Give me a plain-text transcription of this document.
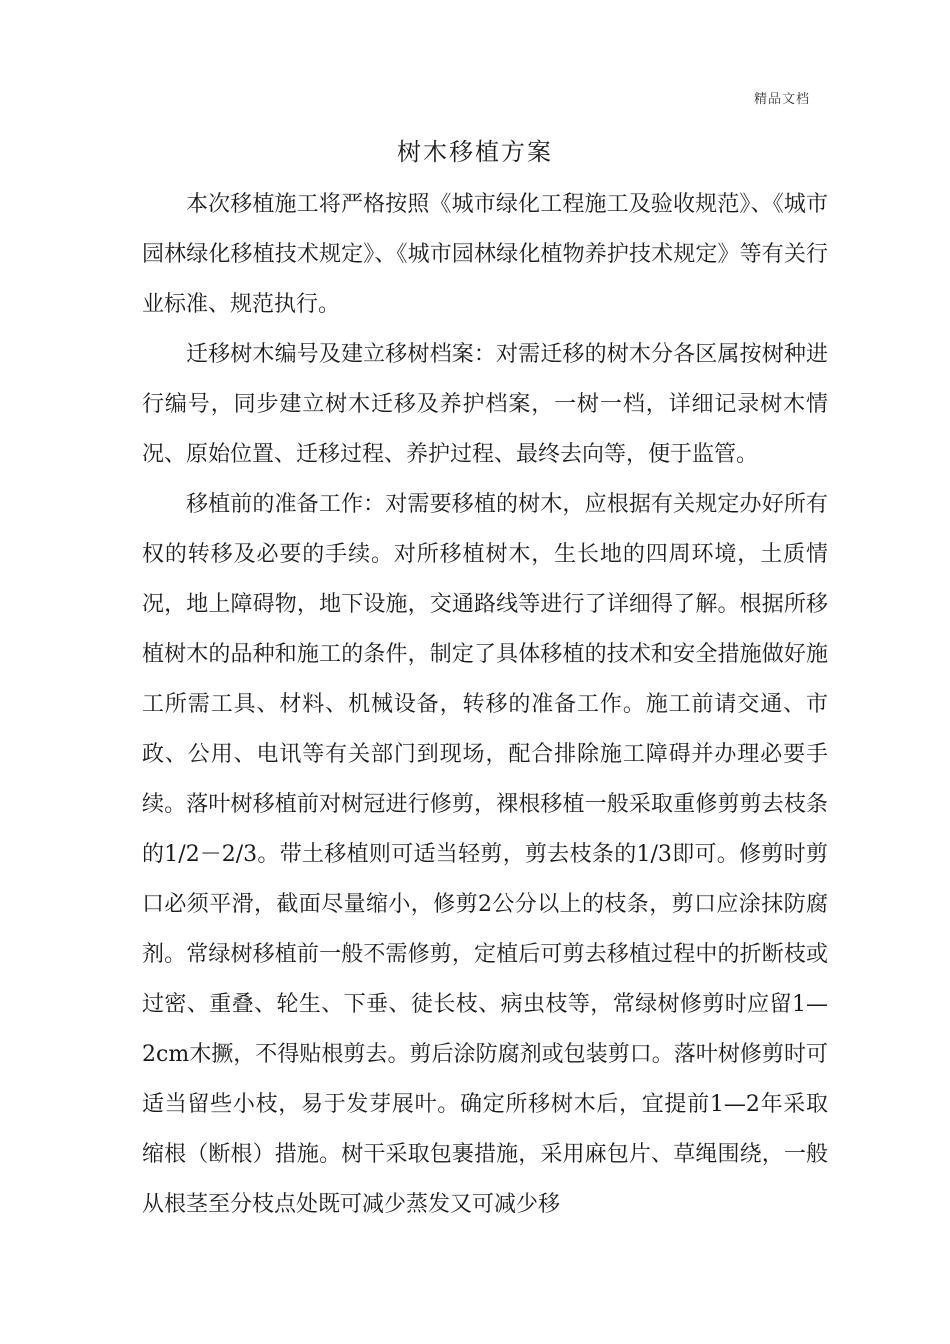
精品文档
树木移植方案

本次移植施工将严格按照《城市绿化工程施工及验收规范》、《城市园林绿化移植技术规定》、《城市园林绿化植物养护技术规定》等有关行业标准、规范执行。

迁移树木编号及建立移树档案：对需迁移的树木分各区属按树种进行编号，同步建立树木迁移及养护档案，一树一档，详细记录树木情况、原始位置、迁移过程、养护过程、最终去向等，便于监管。

移植前的准备工作：对需要移植的树木，应根据有关规定办好所有权的转移及必要的手续。对所移植树木，生长地的四周环境，土质情况，地上障碍物，地下设施，交通路线等进行了详细得了解。根据所移植树木的品种和施工的条件，制定了具体移植的技术和安全措施做好施工所需工具、材料、机械设备，转移的准备工作。施工前请交通、市政、公用、电讯等有关部门到现场，配合排除施工障碍并办理必要手续。落叶树移植前对树冠进行修剪，裸根移植一般采取重修剪剪去枝条的1/2－2/3。带土移植则可适当轻剪，剪去枝条的1/3即可。修剪时剪口必须平滑，截面尽量缩小，修剪2公分以上的枝条，剪口应涂抹防腐剂。常绿树移植前一般不需修剪，定植后可剪去移植过程中的折断枝或过密、重叠、轮生、下垂、徒长枝、病虫枝等，常绿树修剪时应留1—2cm木撅，不得贴根剪去。剪后涂防腐剂或包装剪口。落叶树修剪时可适当留些小枝，易于发芽展叶。确定所移树木后，宜提前1—2年采取缩根（断根）措施。树干采取包裹措施，采用麻包片、草绳围绕，一般从根茎至分枝点处既可减少蒸发又可减少移
